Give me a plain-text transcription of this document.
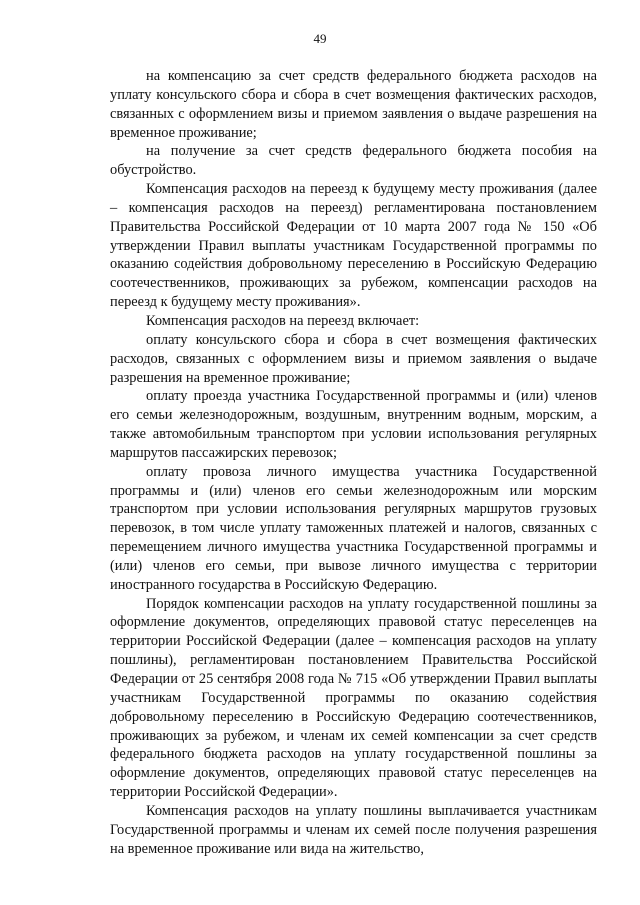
49

на компенсацию за счет средств федерального бюджета расходов на уплату консульского сбора и сбора в счет возмещения фактических расходов, связанных с оформлением визы и приемом заявления о выдаче разрешения на временное проживание;

на получение за счет средств федерального бюджета пособия на обустройство.

Компенсация расходов на переезд к будущему месту проживания (далее – компенсация расходов на переезд) регламентирована постановлением Правительства Российской Федерации от 10 марта 2007 года № 150 «Об утверждении Правил выплаты участникам Государственной программы по оказанию содействия добровольному переселению в Российскую Федерацию соотечественников, проживающих за рубежом, компенсации расходов на переезд к будущему месту проживания».

Компенсация расходов на переезд включает:

оплату консульского сбора и сбора в счет возмещения фактических расходов, связанных с оформлением визы и приемом заявления о выдаче разрешения на временное проживание;

оплату проезда участника Государственной программы и (или) членов его семьи железнодорожным, воздушным, внутренним водным, морским, а также автомобильным транспортом при условии использования регулярных маршрутов пассажирских перевозок;

оплату провоза личного имущества участника Государственной программы и (или) членов его семьи железнодорожным или морским транспортом при условии использования регулярных маршрутов грузовых перевозок, в том числе уплату таможенных платежей и налогов, связанных с перемещением личного имущества участника Государственной программы и (или) членов его семьи, при вывозе личного имущества с территории иностранного государства в Российскую Федерацию.

Порядок компенсации расходов на уплату государственной пошлины за оформление документов, определяющих правовой статус переселенцев на территории Российской Федерации (далее – компенсация расходов на уплату пошлины), регламентирован постановлением Правительства Российской Федерации от 25 сентября 2008 года № 715 «Об утверждении Правил выплаты участникам Государственной программы по оказанию содействия добровольному переселению в Российскую Федерацию соотечественников, проживающих за рубежом, и членам их семей компенсации за счет средств федерального бюджета расходов на уплату государственной пошлины за оформление документов, определяющих правовой статус переселенцев на территории Российской Федерации».

Компенсация расходов на уплату пошлины выплачивается участникам Государственной программы и членам их семей после получения разрешения на временное проживание или вида на жительство,
